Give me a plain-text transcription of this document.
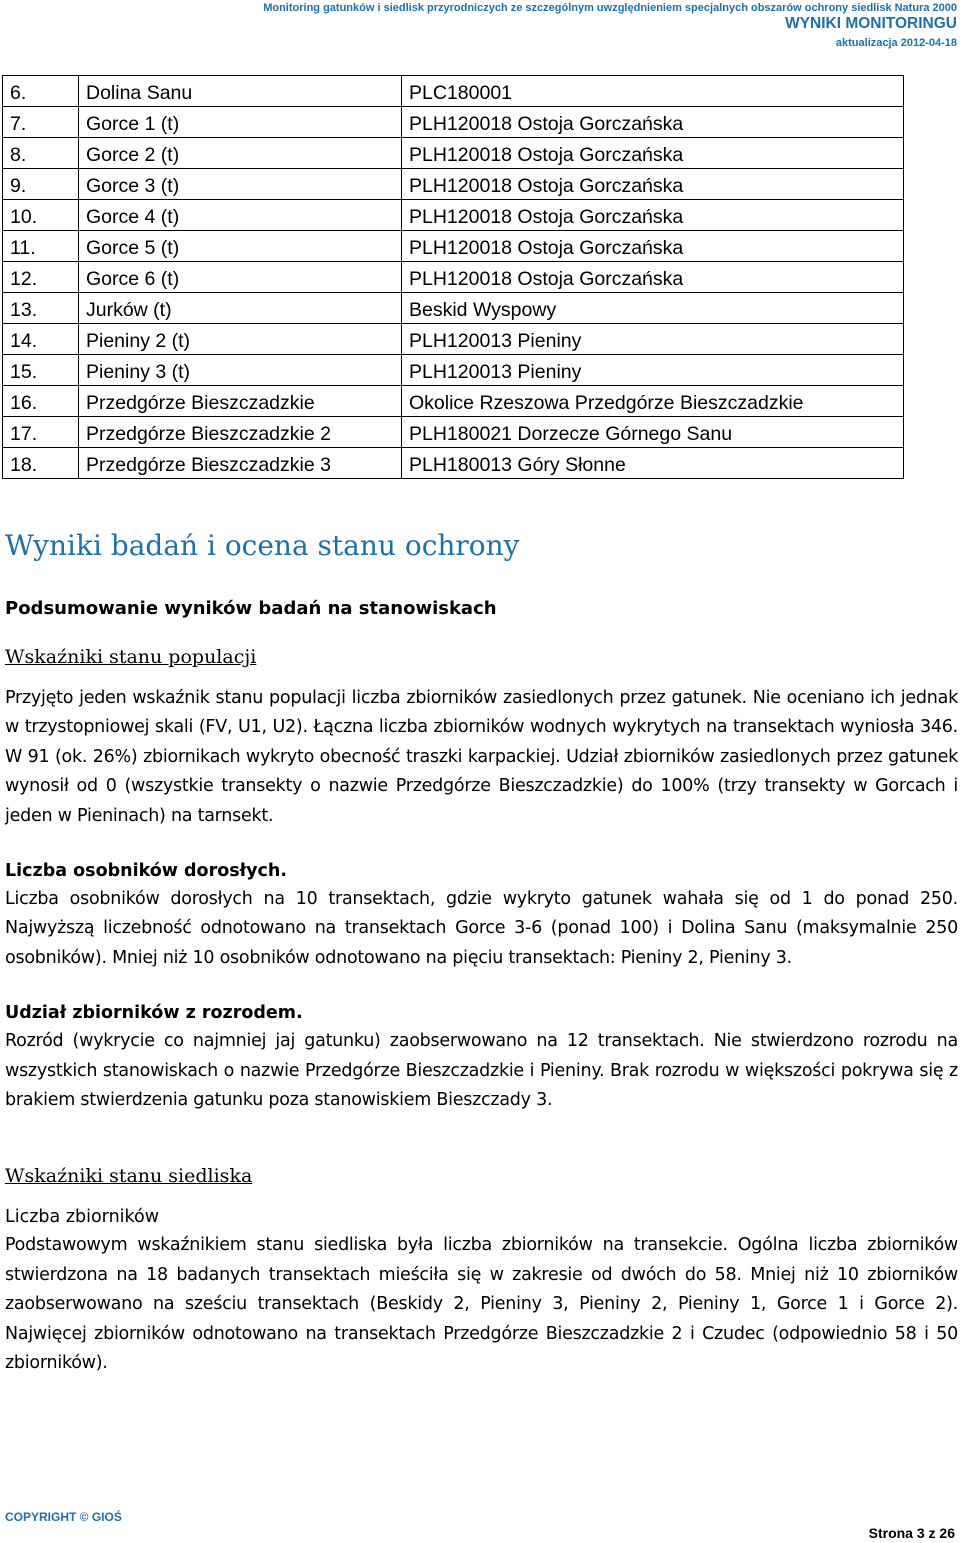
Monitoring gatunków i siedlisk przyrodniczych ze szczególnym uwzględnieniem specjalnych obszarów ochrony siedlisk Natura 2000
WYNIKI MONITORINGU
aktualizacja 2012-04-18
6.	Dolina Sanu	PLC180001
7.	Gorce 1 (t)	PLH120018 Ostoja Gorczańska
8.	Gorce 2 (t)	PLH120018 Ostoja Gorczańska
9.	Gorce 3 (t)	PLH120018 Ostoja Gorczańska
10.	Gorce 4 (t)	PLH120018 Ostoja Gorczańska
11.	Gorce 5 (t)	PLH120018 Ostoja Gorczańska
12.	Gorce 6 (t)	PLH120018 Ostoja Gorczańska
13.	Jurków (t)	Beskid Wyspowy
14.	Pieniny 2 (t)	PLH120013 Pieniny
15.	Pieniny 3 (t)	PLH120013 Pieniny
16.	Przedgórze Bieszczadzkie	Okolice Rzeszowa Przedgórze Bieszczadzkie
17.	Przedgórze Bieszczadzkie 2	PLH180021 Dorzecze Górnego Sanu
18.	Przedgórze Bieszczadzkie 3	PLH180013 Góry Słonne
Wyniki badań i ocena stanu ochrony
Podsumowanie wyników badań na stanowiskach
Wskaźniki stanu populacji

Przyjęto jeden wskaźnik stanu populacji liczba zbiorników zasiedlonych przez gatunek. Nie oceniano ich jednak w trzystopniowej skali (FV, U1, U2). Łączna liczba zbiorników wodnych wykrytych na transektach wyniosła 346. W 91 (ok. 26%) zbiornikach wykryto obecność traszki karpackiej. Udział zbiorników zasiedlonych przez gatunek wynosił od 0 (wszystkie transekty o nazwie Przedgórze Bieszczadzkie) do 100% (trzy transekty w Gorcach i jeden w Pieninach) na tarnsekt.

Liczba osobników dorosłych.

Liczba osobników dorosłych na 10 transektach, gdzie wykryto gatunek wahała się od 1 do ponad 250. Najwyższą liczebność odnotowano na transektach Gorce 3-6 (ponad 100) i Dolina Sanu (maksymalnie 250 osobników). Mniej niż 10 osobników odnotowano na pięciu transektach: Pieniny 2, Pieniny 3.

Udział zbiorników z rozrodem.

Rozród (wykrycie co najmniej jaj gatunku) zaobserwowano na 12 transektach. Nie stwierdzono rozrodu na wszystkich stanowiskach o nazwie Przedgórze Bieszczadzkie i Pieniny. Brak rozrodu w większości pokrywa się z brakiem stwierdzenia gatunku poza stanowiskiem Bieszczady 3.

Wskaźniki stanu siedliska
Liczba zbiorników

Podstawowym wskaźnikiem stanu siedliska była liczba zbiorników na transekcie. Ogólna liczba zbiorników stwierdzona na 18 badanych transektach mieściła się w zakresie od dwóch do 58. Mniej niż 10 zbiorników zaobserwowano na sześciu transektach (Beskidy 2, Pieniny 3, Pieniny 2, Pieniny 1, Gorce 1 i Gorce 2). Najwięcej zbiorników odnotowano na transektach Przedgórze Bieszczadzkie 2 i Czudec (odpowiednio 58 i 50 zbiorników).

COPYRIGHT © GIOŚ
Strona 3 z 26
